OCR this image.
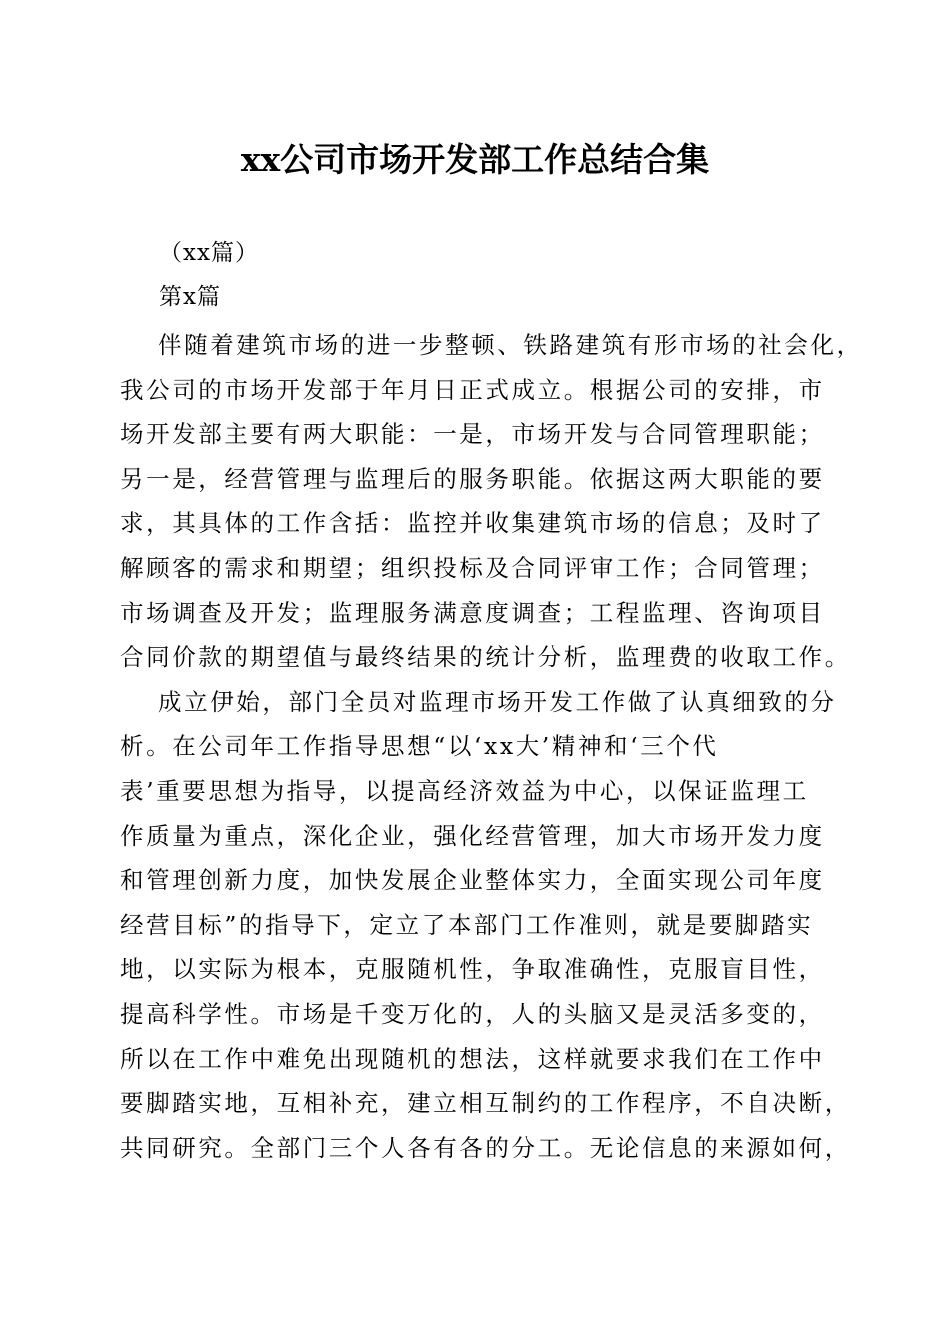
xx公司市场开发部工作总结合集
（xx篇）
第x篇
伴随着建筑市场的进一步整顿、铁路建筑有形市场的社会化，
我公司的市场开发部于年月日正式成立。根据公司的安排，市
场开发部主要有两大职能：一是，市场开发与合同管理职能；
另一是，经营管理与监理后的服务职能。依据这两大职能的要
求，其具体的工作含括：监控并收集建筑市场的信息；及时了
解顾客的需求和期望；组织投标及合同评审工作；合同管理；
市场调查及开发；监理服务满意度调查；工程监理、咨询项目
合同价款的期望值与最终结果的统计分析，监理费的收取工作。
成立伊始，部门全员对监理市场开发工作做了认真细致的分
析。在公司年工作指导思想“以‘xx大’精神和‘三个代
表’重要思想为指导，以提高经济效益为中心，以保证监理工
作质量为重点，深化企业，强化经营管理，加大市场开发力度
和管理创新力度，加快发展企业整体实力，全面实现公司年度
经营目标”的指导下，定立了本部门工作准则，就是要脚踏实
地，以实际为根本，克服随机性，争取准确性，克服盲目性，
提高科学性。市场是千变万化的，人的头脑又是灵活多变的，
所以在工作中难免出现随机的想法，这样就要求我们在工作中
要脚踏实地，互相补充，建立相互制约的工作程序，不自决断，
共同研究。全部门三个人各有各的分工。无论信息的来源如何，
